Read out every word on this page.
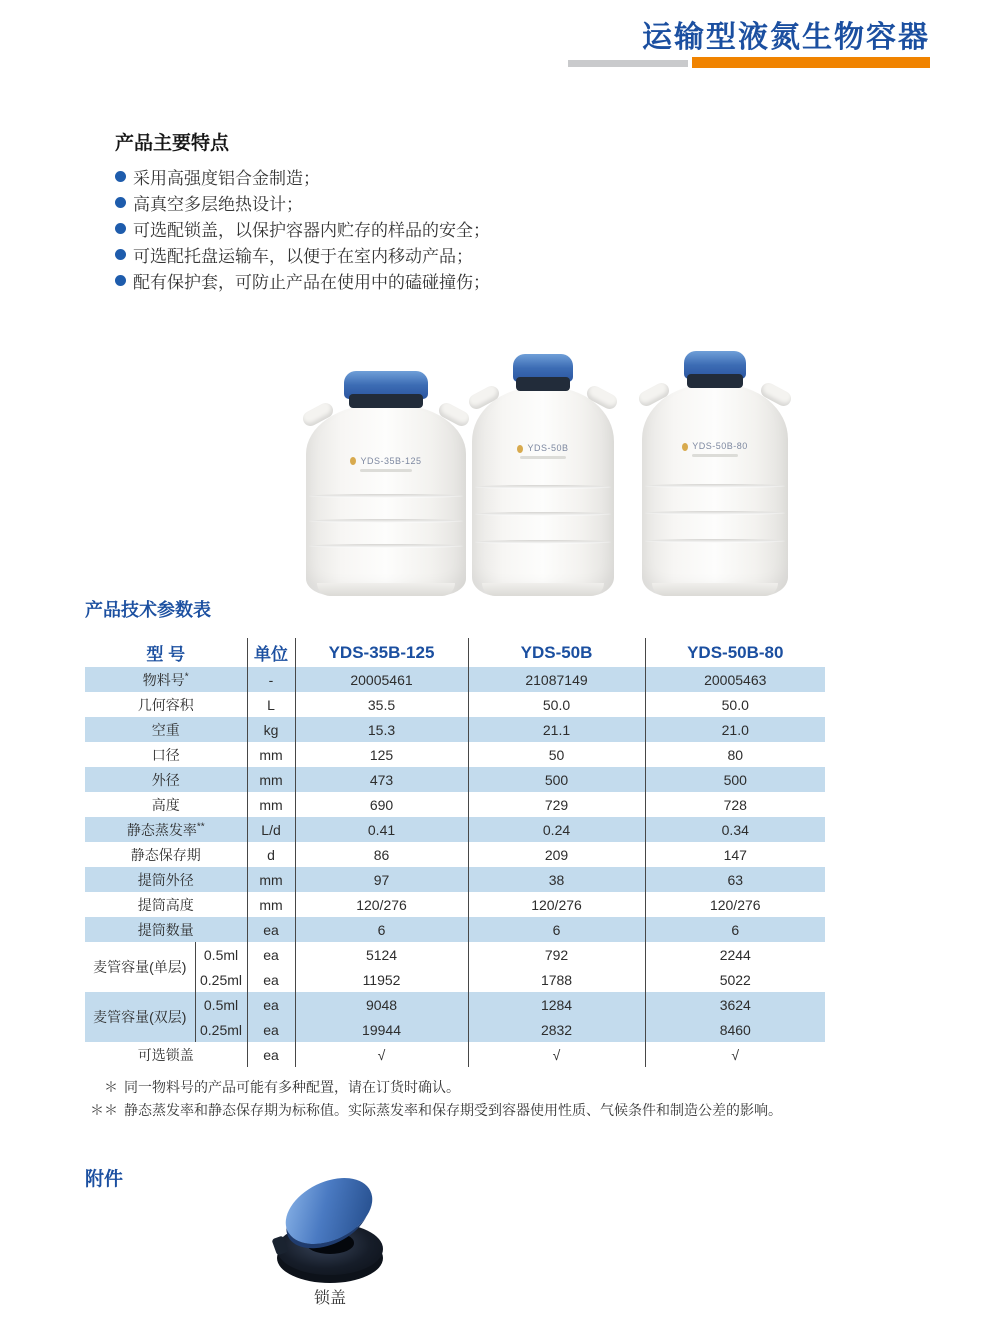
运输型液氮生物容器
产品主要特点
采用高强度铝合金制造；
高真空多层绝热设计；
可选配锁盖，以保护容器内贮存的样品的安全；
可选配托盘运输车，以便于在室内移动产品；
配有保护套，可防止产品在使用中的磕碰撞伤；
YDS-35B-125
YDS-50B	YDS-50B-80
产品技术参数表
型 号		单位	YDS-35B-125	YDS-50B	YDS-50B-80
物料号*		-	20005461	21087149	20005463
几何容积		L	35.5	50.0	50.0
空重		kg	15.3	21.1	21.0
口径		mm	125	50	80
外径		mm	473	500	500
高度		mm	690	729	728
静态蒸发率**		L/d	0.41	0.24	0.34
静态保存期		d	86	209	147
提筒外径		mm	97	38	63
提筒高度		mm	120/276	120/276	120/276
提筒数量		ea	6	6	6
麦管容量(单层)	0.5ml	ea	5124	792	2244
	0.25ml	ea	11952	1788	5022
麦管容量(双层)	0.5ml	ea	9048	1284	3624
	0.25ml	ea	19944	2832	8460
可选锁盖		ea	√	√	√
＊ 同一物料号的产品可能有多种配置，请在订货时确认。
＊＊ 静态蒸发率和静态保存期为标称值。实际蒸发率和保存期受到容器使用性质、气候条件和制造公差的影响。
附件
锁盖
